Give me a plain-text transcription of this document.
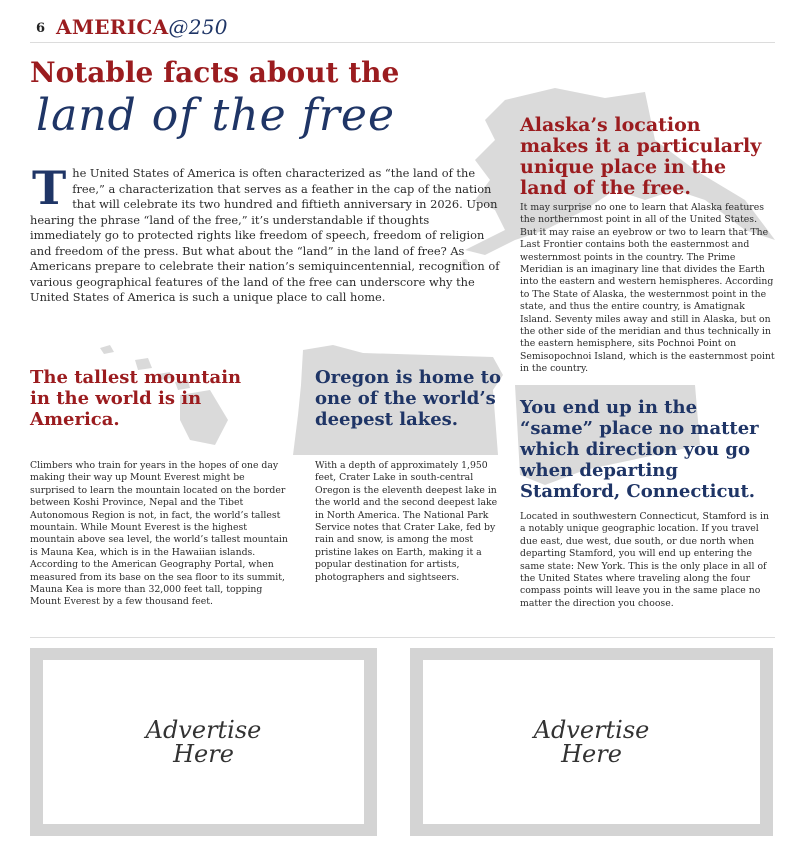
6 AMERICA@250
Notable facts about the
land of the free
The United States of America is often characterized as “the land of the free,” a characterization that serves as a feather in the cap of the nation that will celebrate its two hundred and fiftieth anniversary in 2026. Upon hearing the phrase “land of the free,” it’s understandable if thoughts immediately go to protected rights like freedom of speech, freedom of religion and freedom of the press. But what about the “land” in the land of free? As Americans prepare to celebrate their nation’s semiquincentennial, recognition of various geographical features of the land of the free can underscore why the United States of America is such a unique place to call home.
Alaska’s location makes it a particularly unique place in the land of the free.
It may surprise no one to learn that Alaska features the northernmost point in all of the United States. But it may raise an eyebrow or two to learn that The Last Frontier contains both the easternmost and westernmost points in the country. The Prime Meridian is an imaginary line that divides the Earth into the eastern and western hemispheres. According to The State of Alaska, the westernmost point in the state, and thus the entire country, is Amatignak Island. Seventy miles away and still in Alaska, but on the other side of the meridian and thus technically in the eastern hemisphere, sits Pochnoi Point on Semisopochnoi Island, which is the easternmost point in the country.
The tallest mountain in the world is in America.
Climbers who train for years in the hopes of one day making their way up Mount Everest might be surprised to learn the mountain located on the border between Koshi Province, Nepal and the Tibet Autonomous Region is not, in fact, the world’s tallest mountain. While Mount Everest is the highest mountain above sea level, the world’s tallest mountain is Mauna Kea, which is in the Hawaiian islands. According to the American Geography Portal, when measured from its base on the sea floor to its summit, Mauna Kea is more than 32,000 feet tall, topping Mount Everest by a few thousand feet.
Oregon is home to one of the world’s deepest lakes.
With a depth of approximately 1,950 feet, Crater Lake in south-central Oregon is the eleventh deepest lake in the world and the second deepest lake in North America. The National Park Service notes that Crater Lake, fed by rain and snow, is among the most pristine lakes on Earth, making it a popular destination for artists, photographers and sightseers.
You end up in the “same” place no matter which direction you go when departing Stamford, Connecticut.
Located in southwestern Connecticut, Stamford is in a notably unique geographic location. If you travel due east, due west, due south, or due north when departing Stamford, you will end up entering the same state: New York. This is the only place in all of the United States where traveling along the four compass points will leave you in the same place no matter the direction you choose.
Advertise
Here
Advertise
Here
